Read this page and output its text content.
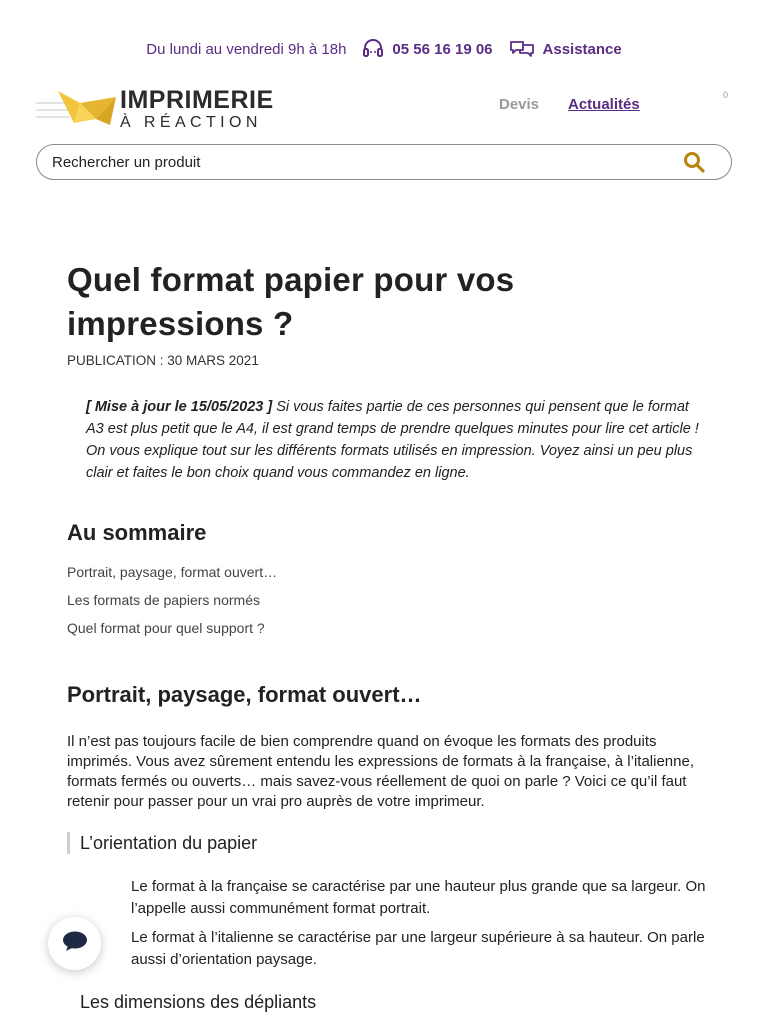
Du lundi au vendredi 9h à 18h	05 56 16 19 06	Assistance
IMPRIMERIE
À RÉACTION
Devis Actualités
0
Rechercher un produit
Quel format papier pour vos impressions ?
PUBLICATION : 30 MARS 2021

[ Mise à jour le 15/05/2023 ] Si vous faites partie de ces personnes qui pensent que le format A3 est plus petit que le A4, il est grand temps de prendre quelques minutes pour lire cet article ! On vous explique tout sur les différents formats utilisés en impression. Voyez ainsi un peu plus clair et faites le bon choix quand vous commandez en ligne.

Au sommaire
Portrait, paysage, format ouvert…
Les formats de papiers normés
Quel format pour quel support ?
Portrait, paysage, format ouvert…
Il n’est pas toujours facile de bien comprendre quand on évoque les formats des produits imprimés. Vous avez sûrement entendu les expressions de formats à la française, à l’italienne, formats fermés ou ouverts… mais savez-vous réellement de quoi on parle ? Voici ce qu’il faut retenir pour passer pour un vrai pro auprès de votre imprimeur.
L’orientation du papier

Le format à la française se caractérise par une hauteur plus grande que sa largeur. On l’appelle aussi communément format portrait.

Le format à l’italienne se caractérise par une largeur supérieure à sa hauteur. On parle aussi d’orientation paysage.

Les dimensions des dépliants
